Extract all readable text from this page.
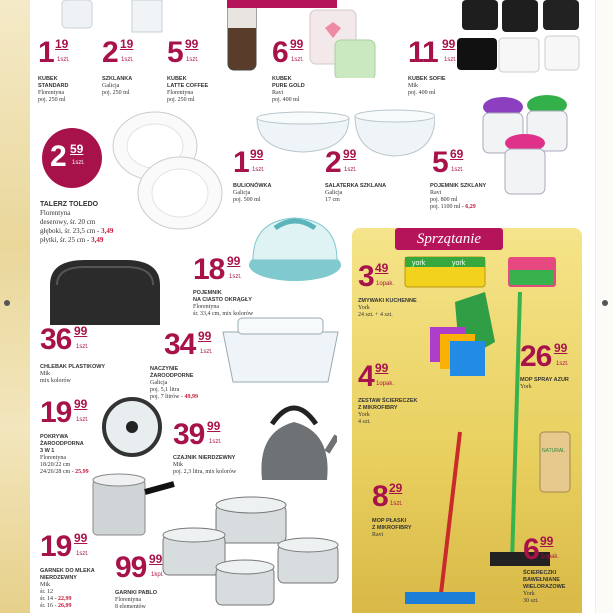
1 19
1szt.
KUBEK
STANDARD
Florentyna
poj. 250 ml
2 19
1szt.
SZKLANKA
Galicja
poj. 250 ml
5 99
1szt.
KUBEK
LATTE COFFEE
Florentyna
poj. 250 ml
6 99
1szt.
KUBEK
PURE GOLD
Ravi
poj. 400 ml
11 99
1szt.
KUBEK SOFIE
Mik
poj. 400 ml
2 59
1szt.
TALERZ TOLEDO
Florentyna
deserowy, śr. 20 cm
głęboki, śr. 23,5 cm - 3,49
płytki, śr. 25 cm - 3,49
1 99
1szt.
BULIONÓWKA
Galicja
poj. 500 ml
2 99
1szt.
SALATERKA SZKLANA
Galicja
17 cm
5 69
1szt.
POJEMNIK SZKLANY
Ravi
poj. 800 ml
poj. 1100 ml - 6,29
18 99
1szt.
POJEMNIK
NA CIASTO OKRĄGŁY
Florentyna
śr. 33,4 cm, mix kolorów
36 99
1szt.
CHLEBAK PLASTIKOWY
Mik
mix kolorów
34 99
1szt.
NACZYNIE
ŻAROODPORNE
Galicja
poj. 5,1 litra
poj. 7 litrów - 49,99
19 99
1szt.
POKRYWA
ŻAROODPORNA
3 W 1
Florentyna
18/20/22 cm
24/26/28 cm - 25,99
39 99
1szt.
CZAJNIK NIERDZEWNY
Mik
poj. 2,3 litra, mix kolorów
19 99
1szt.
GARNEK DO MLEKA
NIERDZEWNY
Mik
śr. 12
śr. 14 - 22,99
śr. 16 - 26,99
99 99
1kpl.
GARNKI PABLO
Florentyna
8 elementów
Sprzątanie
york	york
NATURAL
3 49
1opak.
ZMYWAKI KUCHENNE
York
24 szt. + 4 szt.
26 99
1szt.
MOP SPRAY AZUR
York
4 99
1opak.
ZESTAW ŚCIERECZEK
Z MIKROFIBRY
York
4 szt.
8 29
1szt.
MOP PŁASKI
Z MIKROFIBRY
Ravi	6 99
1opak.
ŚCIERECZKI
BAWEŁNIANE
WIELORAZOWE
York
30 szt.
